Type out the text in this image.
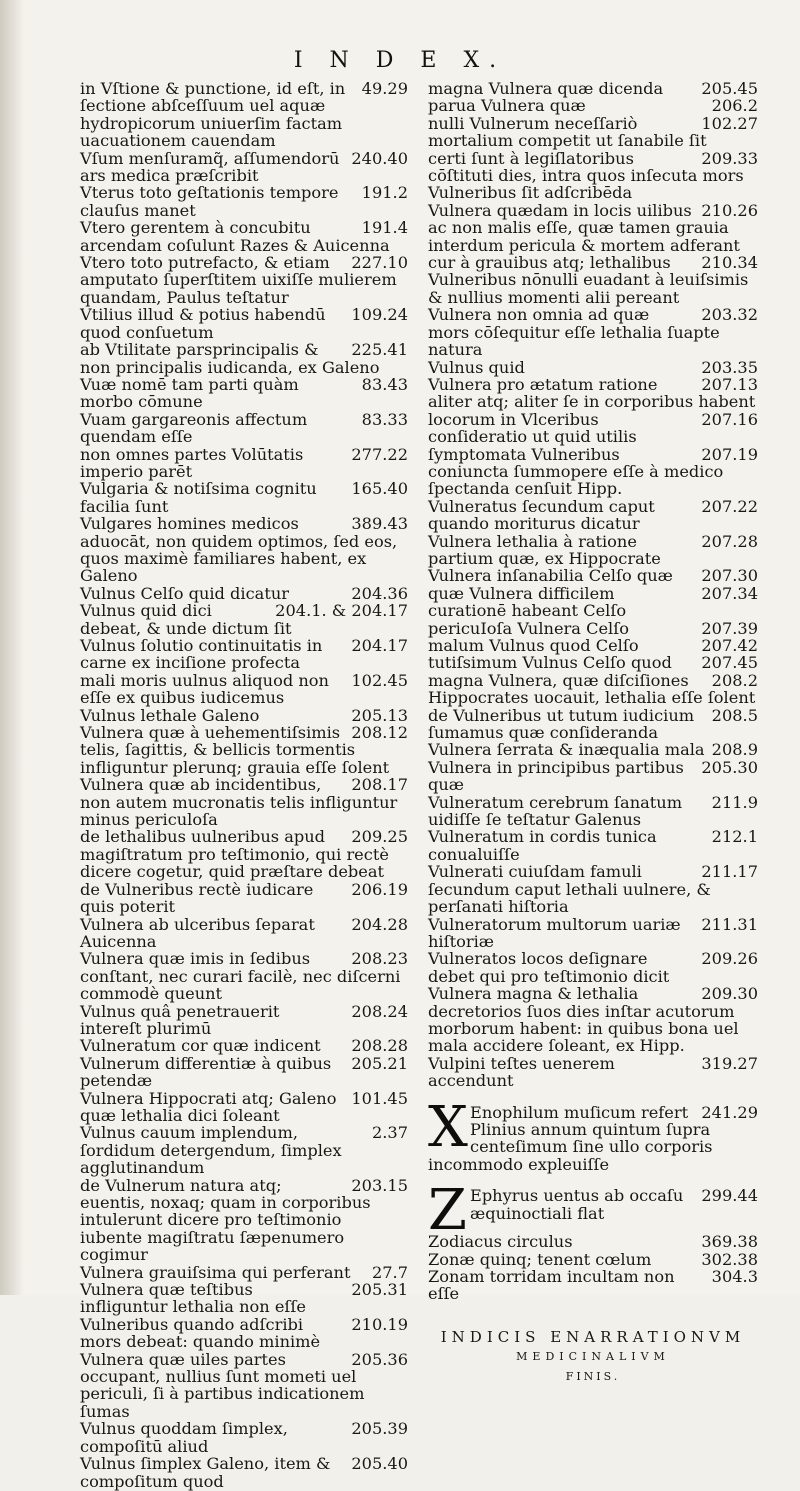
I N D E X.
49.29
in Vſtione & punctione, id eſt, in ſectione abſceſſuum uel aquæ hydropicorum uniuerſim factam uacuationem cauendam
240.40
Vſum menſuramq̃, aſſumendorū ars medica præſcribit
191.2
Vterus toto geſtationis tempore clauſus manet
191.4
Vtero gerentem à concubitu arcendam coſulunt Razes & Auicenna
227.10
Vtero toto putrefacto, & etiam amputato ſuperſtitem uixiſſe mulierem quandam, Paulus teſtatur
109.24
Vtilius illud & potius habendū quod conſuetum
225.41
ab Vtilitate parsprincipalis & non principalis iudicanda, ex Galeno
83.43
Vuæ nomē tam parti quàm morbo cōmune
83.33
Vuam gargareonis affectum quendam eſſe
277.22
non omnes partes Volūtatis imperio parēt
165.40
Vulgaria & notiſsima cognitu facilia ſunt
389.43
Vulgares homines medicos aduocāt, non quidem optimos, ſed eos, quos maximè familiares habent, ex Galeno
204.36
Vulnus Celſo quid dicatur
204.1. & 204.17
Vulnus quid dici debeat, & unde dictum ſit
204.17
Vulnus ſolutio continuitatis in carne ex inciſione profecta
102.45
mali moris uulnus aliquod non eſſe ex quibus iudicemus
205.13
Vulnus lethale Galeno
208.12
Vulnera quæ à uehementiſsimis telis, ſagittis, & bellicis tormentis infliguntur plerunq; grauia eſſe ſolent
208.17
Vulnera quæ ab incidentibus, non autem mucronatis telis infliguntur minus periculoſa
209.25
de lethalibus uulneribus apud magiſtratum pro teſtimonio, qui rectè dicere cogetur, quid præſtare debeat
206.19
de Vulneribus rectè iudicare quis poterit
204.28
Vulnera ab ulceribus ſeparat Auicenna
208.23
Vulnera quæ imis in ſedibus conſtant, nec curari facilè, nec diſcerni commodè queunt
208.24
Vulnus quâ penetrauerit intereſt plurimū
208.28
Vulneratum cor quæ indicent
205.21
Vulnerum differentiæ à quibus petendæ
101.45
Vulnera Hippocrati atq; Galeno quæ lethalia dici ſoleant
2.37
Vulnus cauum implendum, ſordidum detergendum, ſimplex agglutinandum
203.15
de Vulnerum natura atq; euentis, noxaq; quam in corporibus intulerunt dicere pro teſtimonio iubente magiſtratu ſæpenumero cogimur
27.7
Vulnera grauiſsima qui perferant
205.31
Vulnera quæ teſtibus infliguntur lethalia non eſſe
210.19
Vulneribus quando adſcribi mors debeat: quando minimè
205.36
Vulnera quæ uiles partes occupant, nullius ſunt mometi uel periculi, ſi à partibus indicationem ſumas
205.39
Vulnus quoddam ſimplex, compoſitū aliud
205.40
Vulnus ſimplex Galeno, item & compoſitum quod
205.45
magna Vulnera quæ dicenda
206.2
parua Vulnera quæ
102.27
nulli Vulnerum neceſſariò mortalium competit ut ſanabile ſit
209.33
certi ſunt à legiſlatoribus cōſtituti dies, intra quos inſecuta mors Vulneribus ſit adſcribēda
210.26
Vulnera quædam in locis uilibus ac non malis eſſe, quæ tamen grauia interdum pericula & mortem adferant
210.34
cur à grauibus atq; lethalibus Vulneribus nōnulli euadant à leuiſsimis & nullius momenti alii pereant
203.32
Vulnera non omnia ad quæ mors cōſequitur eſſe lethalia ſuapte natura
203.35
Vulnus quid
207.13
Vulnera pro ætatum ratione aliter atq; aliter ſe in corporibus habent
207.16
locorum in Vlceribus conſideratio ut quid utilis
207.19
ſymptomata Vulneribus coniuncta ſummopere eſſe à medico ſpectanda cenſuit Hipp.
207.22
Vulneratus ſecundum caput quando moriturus dicatur
207.28
Vulnera lethalia à ratione partium quæ, ex Hippocrate
207.30
Vulnera inſanabilia Celſo quæ
207.34
quæ Vulnera difficilem curationē habeant Celſo
207.39
pericuIoſa Vulnera Celſo
207.42
malum Vulnus quod Celſo
207.45
tutiſsimum Vulnus Celſo quod
208.2
magna Vulnera, quæ diſciſiones Hippocrates uocauit, lethalia eſſe ſolent
208.5
de Vulneribus ut tutum iudicium ſumamus quæ conſideranda
208.9
Vulnera ſerrata & inæqualia mala
205.30
Vulnera in principibus partibus quæ
211.9
Vulneratum cerebrum ſanatum uidiſſe ſe teſtatur Galenus
212.1
Vulneratum in cordis tunica conualuiſſe
211.17
Vulnerati cuiuſdam famuli ſecundum caput lethali uulnere, & perſanati hiſtoria
211.31
Vulneratorum multorum uariæ hiſtoriæ
209.26
Vulneratos locos deſignare debet qui pro teſtimonio dicit
209.30
Vulnera magna & lethalia decretorios ſuos dies inſtar acutorum morborum habent: in quibus bona uel mala accidere ſoleant, ex Hipp.
319.27
Vulpini teſtes uenerem accendunt
X	241.29
Enophilum muſicum refert Plinius annum quintum ſupra centeſimum ſine ullo corporis incommodo expleuiſſe
Z	299.44
Ephyrus uentus ab occaſu æquinoctiali flat
369.38
Zodiacus circulus
302.38
Zonæ quinq; tenent cœlum
304.3
Zonam torridam incultam non eſſe
INDICIS ENARRATIONVM
MEDICINALIVM
FINIS.
